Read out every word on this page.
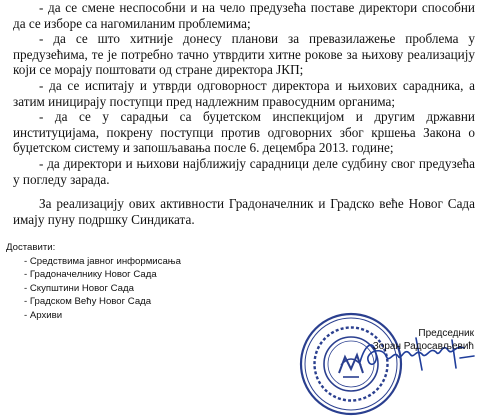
- да се смене неспособни и на чело предузећа поставе директори способни да се изборе са нагомиланим проблемима;

- да се што хитније донесу планови за превазилажење проблема у предузећима, те је потребно тачно утврдити хитне рокове за њихову реализацију који се морају поштовати од стране директора ЈКП;

- да се испитају и утврди одговорност директора и њихових сарадника, а затим иницирају поступци пред надлежним правосудним органима;

- да се у сарадњи са буџетском инспекцијом и другим државни институцијама, покрену поступци против одговорних због кршења Закона о буџетском систему и запошљавања после 6. децембра 2013. године;

- да директори и њихови најближију сарадници деле судбину свог предузећа у погледу зарада.

За реализацију ових активности Градоначелник и Градско веће Новог Сада имају пуну подршку Синдиката.

Доставити:
- Средствима јавног информисања
- Градоначелнику Новог Сада
- Скупштини Новог Сада
- Градском Већу Новог Сада
- Архиви
Председник
Зоран Радосављевић
